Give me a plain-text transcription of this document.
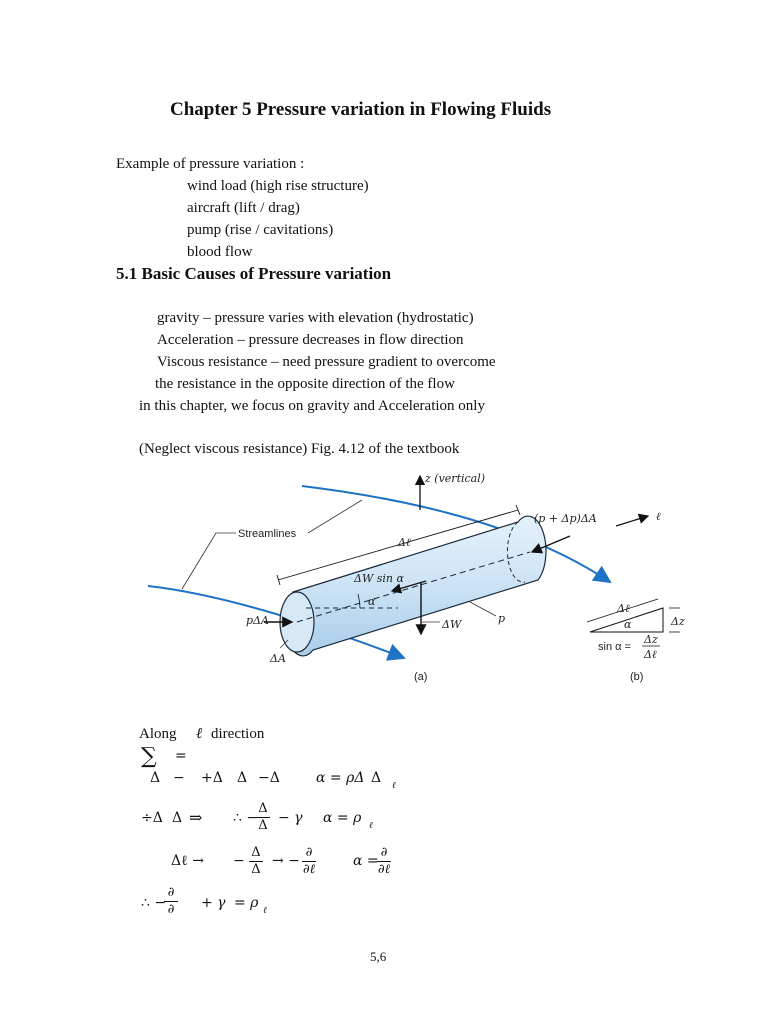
Chapter 5 Pressure variation in Flowing Fluids
Example of pressure variation :
wind load (high rise structure)
aircraft (lift / drag)
pump (rise / cavitations)
blood flow
5.1 Basic Causes of Pressure variation
gravity – pressure varies with elevation (hydrostatic)
Acceleration – pressure decreases in flow direction
Viscous resistance – need pressure gradient to overcome
the resistance in the opposite direction of the flow
in this chapter, we focus on gravity and Acceleration only
(Neglect viscous resistance) Fig. 4.12 of the textbook
z (vertical)
Streamlines
α
Δℓ
(p + Δp)ΔA	ℓ
ΔW sin α
ΔW	p
pΔA
ΔA
(a)
Δℓ
Δz
α
sin α =
Δz
Δℓ
(b)
Along ℓ direction
∑ =
Δ − +Δ Δ −Δ	α = ρΔ Δ ℓ
÷Δ Δ ⇒ ∴ −
$\frac{\Delta}{\Delta} - \gamma$ α = ρ ℓ
Δℓ → − $\frac{\Delta}{\Delta}$ → −
∂
∂ℓ
α =
∂
∂ℓ
∴ −
∂
∂ + γ = ρ ℓ
5,6
